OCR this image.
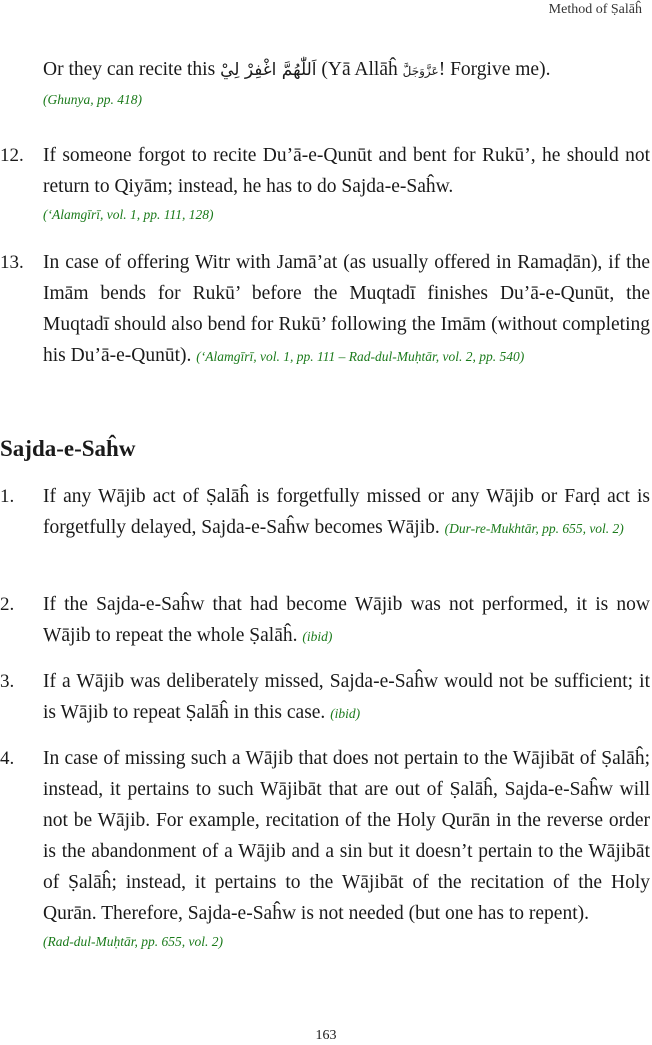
Method of Ṣalāĥ
Or they can recite this اَللّٰهُمَّ اغْفِرْ لِيْ (Yā Allāĥ عَزَّوَجَلَّ! Forgive me).
(Ghunya, pp. 418)
12. If someone forgot to recite Du’ā-e-Qunūt and bent for Rukū’, he should not return to Qiyām; instead, he has to do Sajda-e-Saĥw.
(‘Alamgīrī, vol. 1, pp. 111, 128)
13. In case of offering Witr with Jamā’at (as usually offered in Ramaḍān), if the Imām bends for Rukū’ before the Muqtadī finishes Du’ā-e-Qunūt, the Muqtadī should also bend for Rukū’ following the Imām (without completing his Du’ā-e-Qunūt). (‘Alamgīrī, vol. 1, pp. 111 – Rad-dul-Muḥtār, vol. 2, pp. 540)
Sajda-e-Saĥw
1.	If any Wājib act of Ṣalāĥ is forgetfully missed or any Wājib or Farḍ act is forgetfully delayed, Sajda-e-Saĥw becomes Wājib. (Dur-re-Mukhtār, pp. 655, vol. 2)
2.	If the Sajda-e-Saĥw that had become Wājib was not performed, it is now Wājib to repeat the whole Ṣalāĥ. (ibid)
3.	If a Wājib was deliberately missed, Sajda-e-Saĥw would not be sufficient; it is Wājib to repeat Ṣalāĥ in this case. (ibid)
4.	In case of missing such a Wājib that does not pertain to the Wājibāt of Ṣalāĥ; instead, it pertains to such Wājibāt that are out of Ṣalāĥ, Sajda-e-Saĥw will not be Wājib. For example, recitation of the Holy Qurān in the reverse order is the abandonment of a Wājib and a sin but it doesn’t pertain to the Wājibāt of Ṣalāĥ; instead, it pertains to the Wājibāt of the recitation of the Holy Qurān. Therefore, Sajda-e-Saĥw is not needed (but one has to repent).
(Rad-dul-Muḥtār, pp. 655, vol. 2)
163
